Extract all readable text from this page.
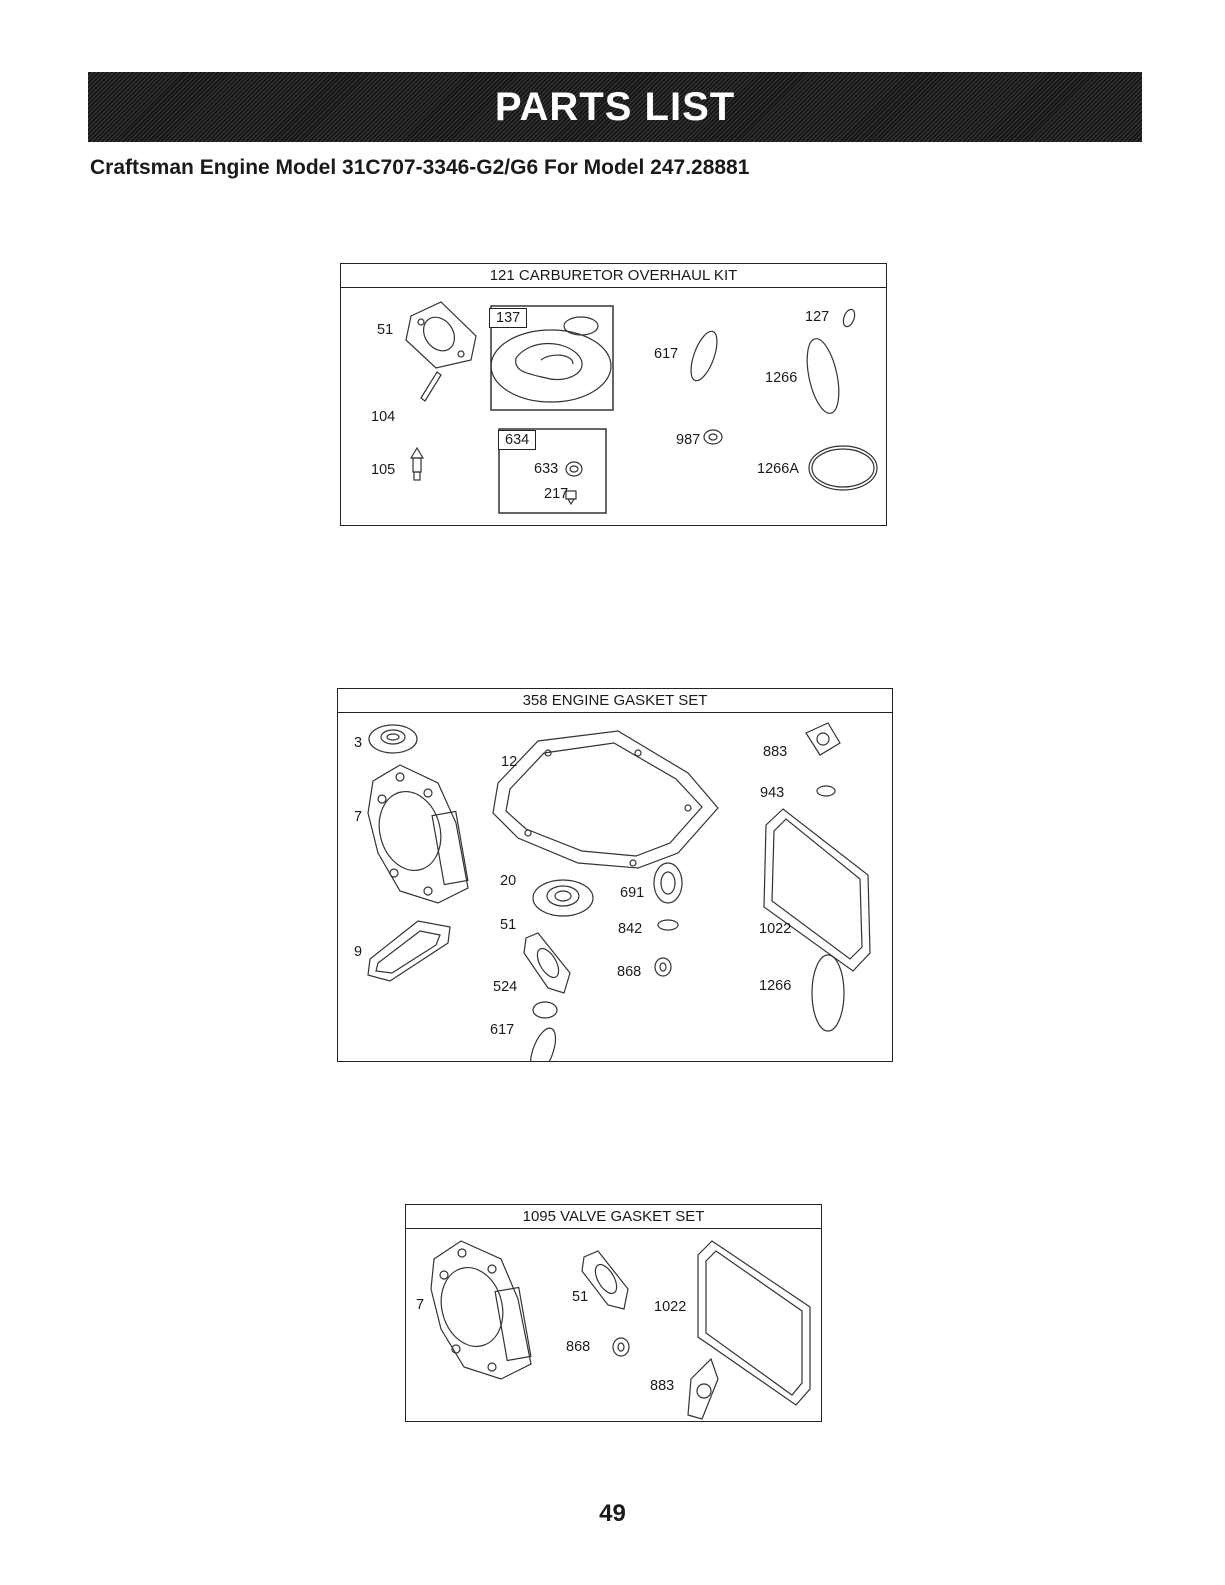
PARTS LIST
Craftsman Engine Model 31C707-3346-G2/G6 For Model 247.28881
121 CARBURETOR OVERHAUL KIT
51
137
617
127
1266
104
634	987
105	633
217
1266A
358 ENGINE GASKET SET
3
12
883
943
7
20
691
51	842	1022
9
868
524	1266
617
1095 VALVE GASKET SET
7	51
1022
868
883
49
